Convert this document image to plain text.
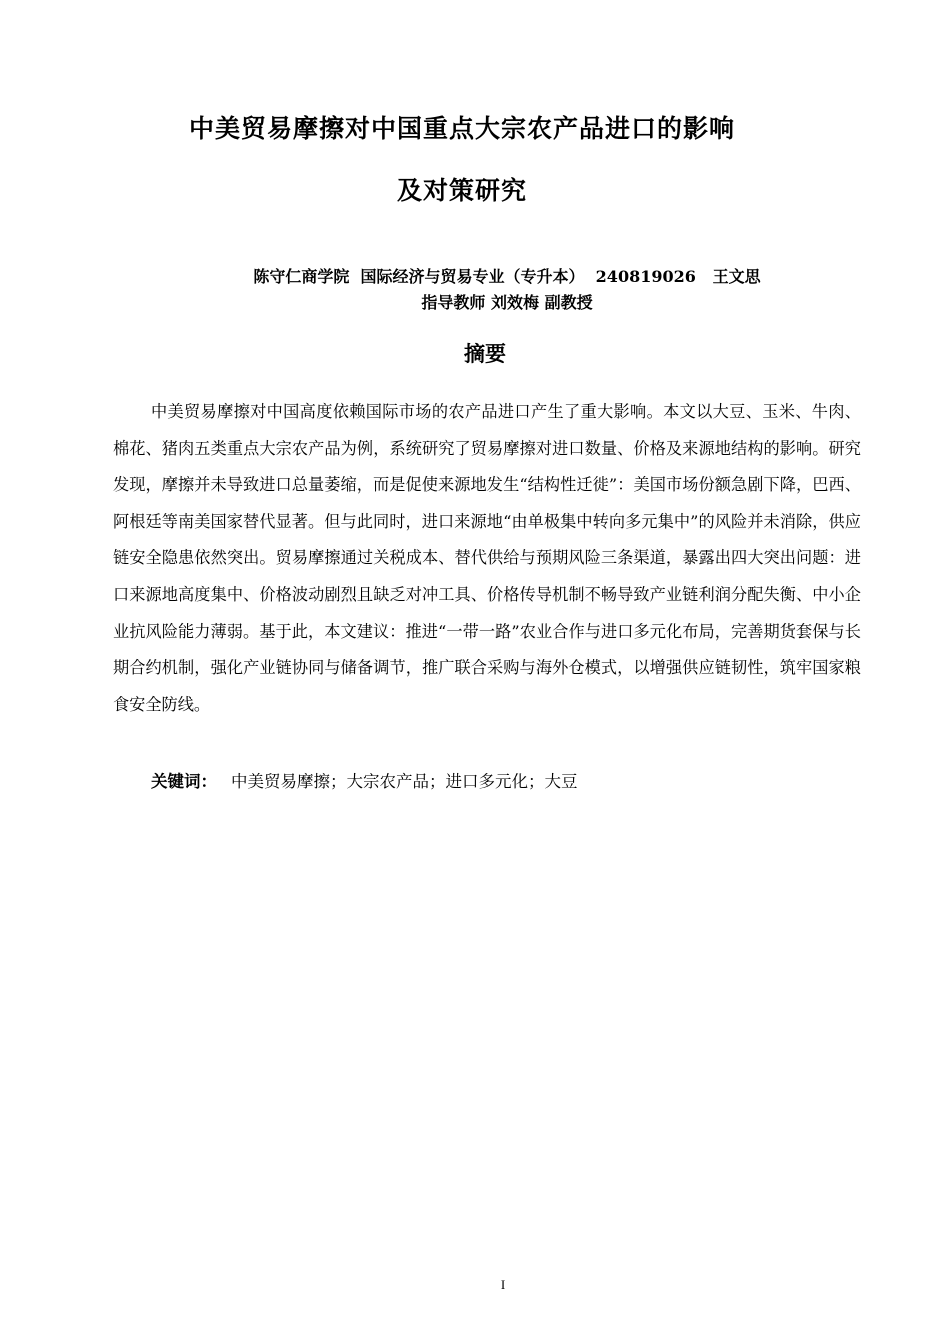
中美贸易摩擦对中国重点大宗农产品进口的影响
及对策研究
陈守仁商学院  国际经济与贸易专业（专升本）  240819026   王文思
指导教师 刘效梅 副教授
摘要

中美贸易摩擦对中国高度依赖国际市场的农产品进口产生了重大影响。本文以大豆、玉米、牛肉、棉花、猪肉五类重点大宗农产品为例，系统研究了贸易摩擦对进口数量、价格及来源地结构的影响。研究发现，摩擦并未导致进口总量萎缩，而是促使来源地发生“结构性迁徙”：美国市场份额急剧下降，巴西、阿根廷等南美国家替代显著。但与此同时，进口来源地“由单极集中转向多元集中”的风险并未消除，供应链安全隐患依然突出。贸易摩擦通过关税成本、替代供给与预期风险三条渠道，暴露出四大突出问题：进口来源地高度集中、价格波动剧烈且缺乏对冲工具、价格传导机制不畅导致产业链利润分配失衡、中小企业抗风险能力薄弱。基于此，本文建议：推进“一带一路”农业合作与进口多元化布局，完善期货套保与长期合约机制，强化产业链协同与储备调节，推广联合采购与海外仓模式，以增强供应链韧性，筑牢国家粮食安全防线。

关键词： 中美贸易摩擦；大宗农产品；进口多元化；大豆
I
